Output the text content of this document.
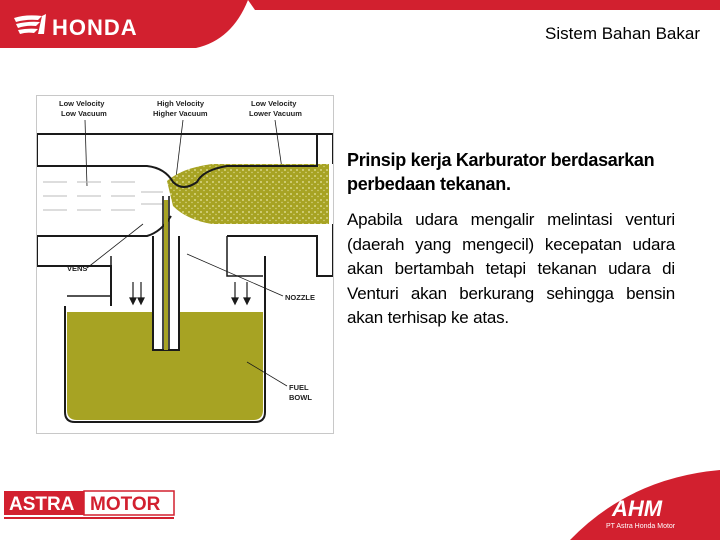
HONDA	Sistem Bahan Bakar
Low Velocity
Low Vacuum
High Velocity
Higher Vacuum
Low Velocity
Lower Vacuum
VENS
NOZZLE
FUEL
BOWL

Prinsip kerja Karburator berdasarkan perbedaan tekanan.

Apabila udara mengalir melintasi venturi (daerah yang mengecil) kecepatan udara akan bertambah tetapi tekanan udara di Venturi akan berkurang sehingga bensin akan terhisap ke atas.

ASTRA MOTOR	AHM
PT Astra Honda Motor
